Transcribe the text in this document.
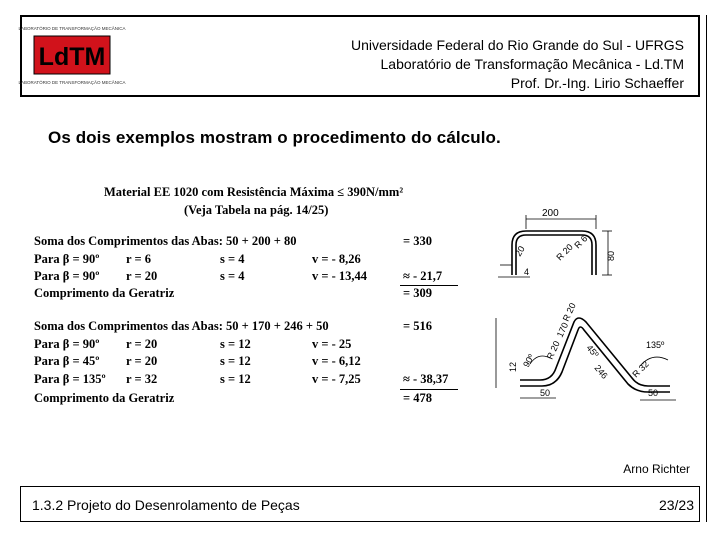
LABORATÓRIO DE TRANSFORMAÇÃO MECÂNICA
LdTM
LABORATÓRIO DE TRANSFORMAÇÃO MECÂNICA
Universidade Federal do Rio Grande do Sul - UFRGS
Laboratório de Transformação Mecânica - Ld.TM
Prof. Dr.-Ing. Lirio Schaeffer
Os dois exemplos mostram o procedimento do cálculo.
Material EE 1020 com Resistência Máxima ≤ 390N/mm²
(Veja Tabela na pág. 14/25)
Soma dos Comprimentos das Abas: 50 + 200 + 80	= 330
Para β = 90º r = 6	s = 4	v = - 8,26
Para β = 90º r = 20	s = 4	v = - 13,44	≈ - 21,7
Comprimento da Geratriz	= 309
Soma dos Comprimentos das Abas: 50 + 170 + 246 + 50	= 516
Para β = 90º r = 20	s = 12	v = - 25
Para β = 45º r = 20	s = 12	v = - 6,12
Para β = 135º r = 32	s = 12	v = - 7,25	≈ - 38,37
Comprimento da Geratriz	= 478
200
80
20	R 20
R 6
4
12
50
90º R 20
170
R 20
45º
246
135º
R 32
50
Arno Richter
1.3.2 Projeto do Desenrolamento de Peças	23/23
